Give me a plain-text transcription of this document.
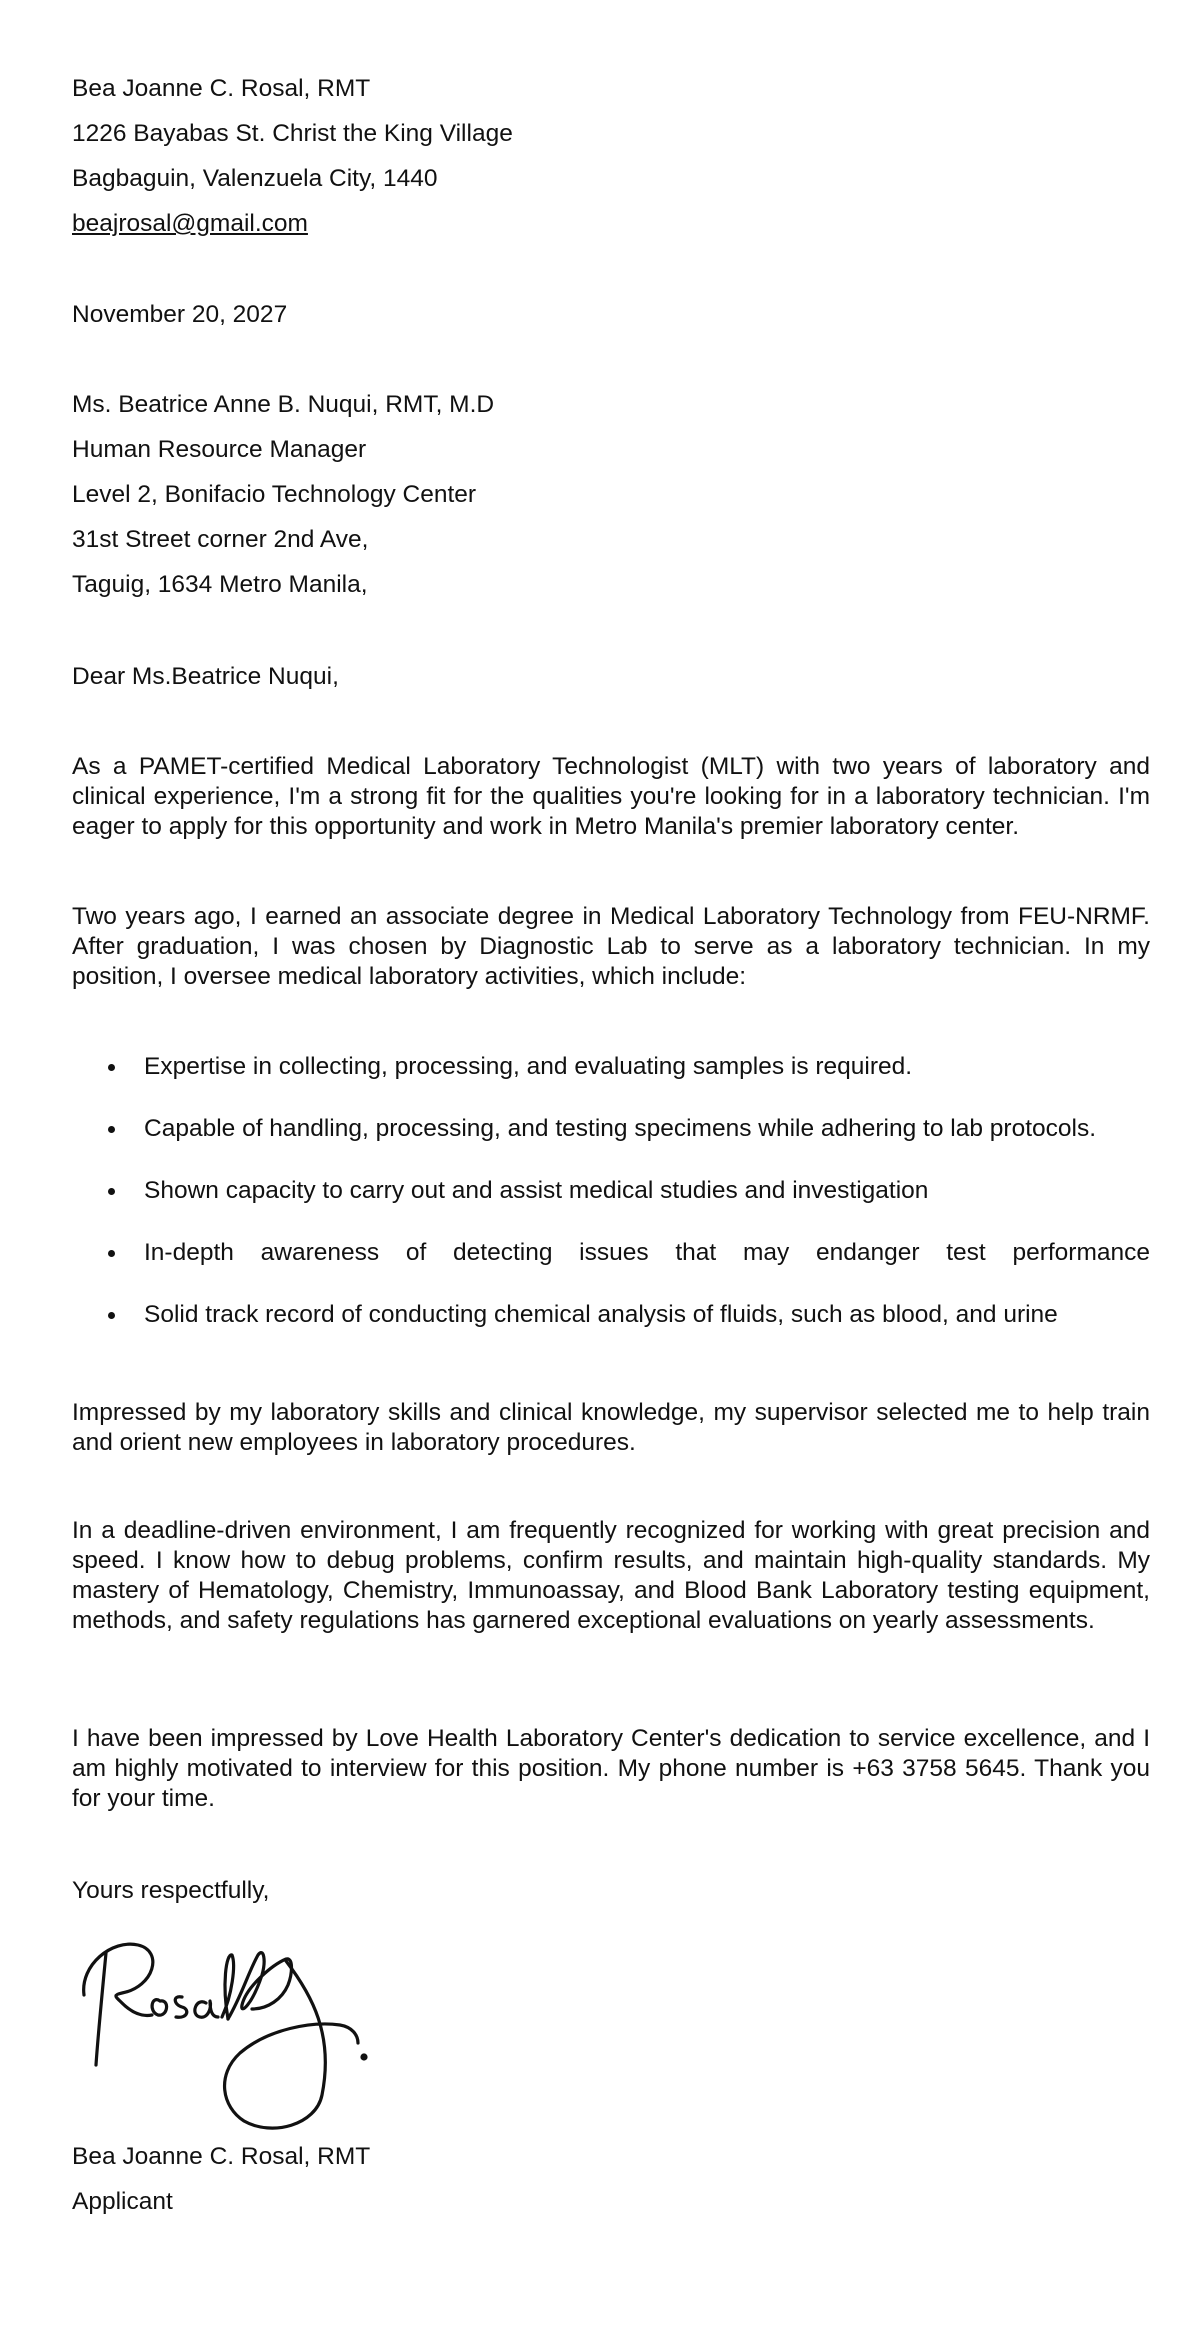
Bea Joanne C. Rosal, RMT
1226 Bayabas St. Christ the King Village
Bagbaguin, Valenzuela City, 1440
beajrosal@gmail.com
November 20, 2027
Ms. Beatrice Anne B. Nuqui, RMT, M.D
Human Resource Manager
Level 2, Bonifacio Technology Center
31st Street corner 2nd Ave,
Taguig, 1634 Metro Manila,
Dear Ms.Beatrice Nuqui,
As a PAMET-certified Medical Laboratory Technologist (MLT) with two years of laboratory and clinical experience, I'm a strong fit for the qualities you're looking for in a laboratory technician. I'm eager to apply for this opportunity and work in Metro Manila's premier laboratory center.
Two years ago, I earned an associate degree in Medical Laboratory Technology from FEU-NRMF. After graduation, I was chosen by Diagnostic Lab to serve as a laboratory technician. In my position, I oversee medical laboratory activities, which include:
Expertise in collecting, processing, and evaluating samples is required.
Capable of handling, processing, and testing specimens while adhering to lab protocols.
Shown capacity to carry out and assist medical studies and investigation
In-depth awareness of detecting issues that may endanger test performance
Solid track record of conducting chemical analysis of fluids, such as blood, and urine
Impressed by my laboratory skills and clinical knowledge, my supervisor selected me to help train and orient new employees in laboratory procedures.
In a deadline-driven environment, I am frequently recognized for working with great precision and speed. I know how to debug problems, confirm results, and maintain high-quality standards. My mastery of Hematology, Chemistry, Immunoassay, and Blood Bank Laboratory testing equipment, methods, and safety regulations has garnered exceptional evaluations on yearly assessments.
I have been impressed by Love Health Laboratory Center's dedication to service excellence, and I am highly motivated to interview for this position. My phone number is +63 3758 5645. Thank you for your time.
Yours respectfully,
Bea Joanne C. Rosal, RMT
Applicant
